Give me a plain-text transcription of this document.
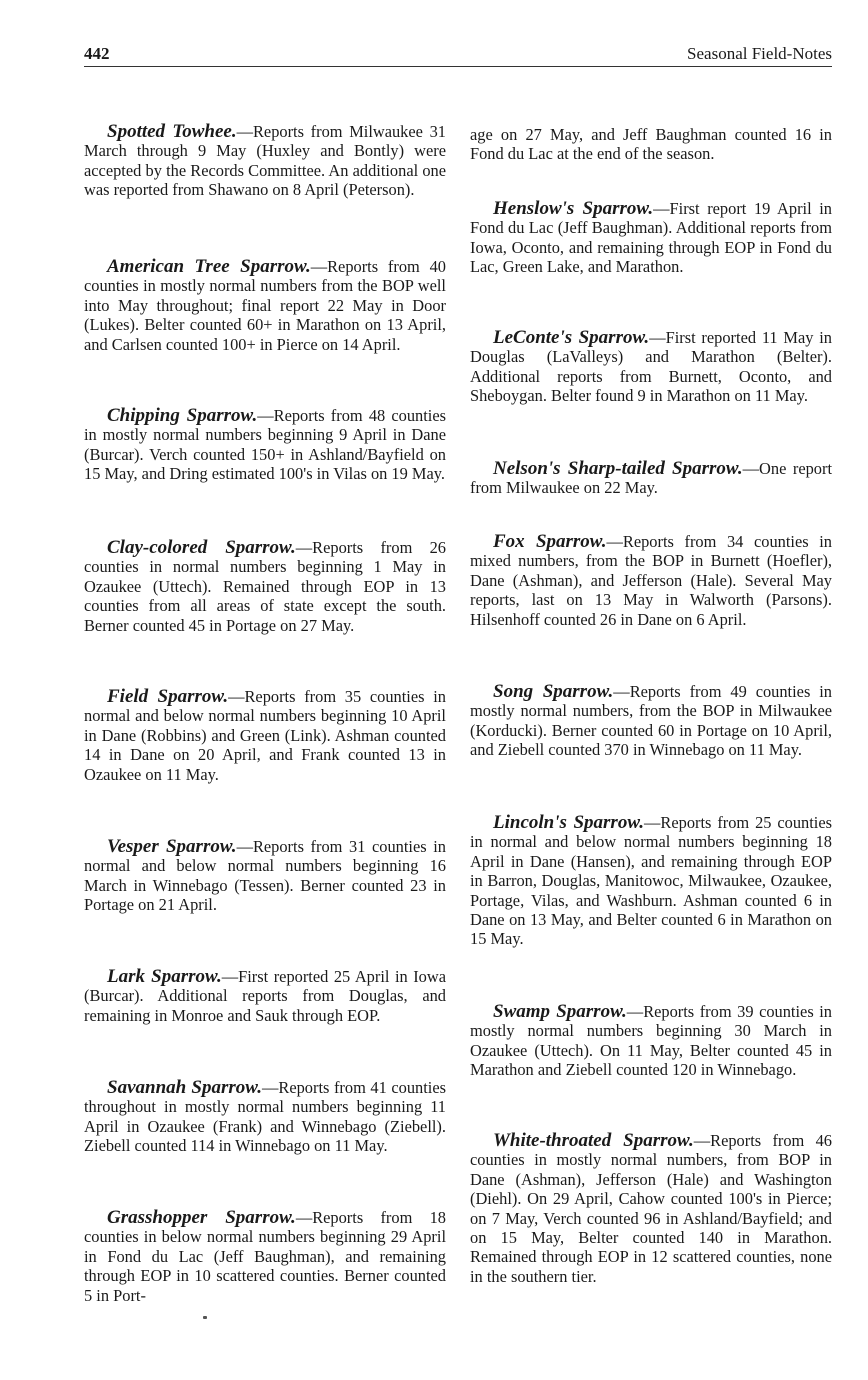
442	Seasonal Field-Notes

Spotted Towhee.—Reports from Milwaukee 31 March through 9 May (Huxley and Bontly) were accepted by the Records Committee. An additional one was reported from Shawano on 8 April (Peterson).

American Tree Sparrow.—Reports from 40 counties in mostly normal numbers from the BOP well into May throughout; final report 22 May in Door (Lukes). Belter counted 60+ in Marathon on 13 April, and Carlsen counted 100+ in Pierce on 14 April.

Chipping Sparrow.—Reports from 48 counties in mostly normal numbers beginning 9 April in Dane (Burcar). Verch counted 150+ in Ashland/Bayfield on 15 May, and Dring estimated 100's in Vilas on 19 May.

Clay-colored Sparrow.—Reports from 26 counties in normal numbers beginning 1 May in Ozaukee (Uttech). Remained through EOP in 13 counties from all areas of state except the south. Berner counted 45 in Portage on 27 May.

Field Sparrow.—Reports from 35 counties in normal and below normal numbers beginning 10 April in Dane (Robbins) and Green (Link). Ashman counted 14 in Dane on 20 April, and Frank counted 13 in Ozaukee on 11 May.

Vesper Sparrow.—Reports from 31 counties in normal and below normal numbers beginning 16 March in Winnebago (Tessen). Berner counted 23 in Portage on 21 April.

Lark Sparrow.—First reported 25 April in Iowa (Burcar). Additional reports from Douglas, and remaining in Monroe and Sauk through EOP.

Savannah Sparrow.—Reports from 41 counties throughout in mostly normal numbers beginning 11 April in Ozaukee (Frank) and Winnebago (Ziebell). Ziebell counted 114 in Winnebago on 11 May.

Grasshopper Sparrow.—Reports from 18 counties in below normal numbers beginning 29 April in Fond du Lac (Jeff Baughman), and remaining through EOP in 10 scattered counties. Berner counted 5 in Port-

age on 27 May, and Jeff Baughman counted 16 in Fond du Lac at the end of the season.

Henslow's Sparrow.—First report 19 April in Fond du Lac (Jeff Baughman). Additional reports from Iowa, Oconto, and remaining through EOP in Fond du Lac, Green Lake, and Marathon.

LeConte's Sparrow.—First reported 11 May in Douglas (LaValleys) and Marathon (Belter). Additional reports from Burnett, Oconto, and Sheboygan. Belter found 9 in Marathon on 11 May.

Nelson's Sharp-tailed Sparrow.—One report from Milwaukee on 22 May.

Fox Sparrow.—Reports from 34 counties in mixed numbers, from the BOP in Burnett (Hoefler), Dane (Ashman), and Jefferson (Hale). Several May reports, last on 13 May in Walworth (Parsons). Hilsenhoff counted 26 in Dane on 6 April.

Song Sparrow.—Reports from 49 counties in mostly normal numbers, from the BOP in Milwaukee (Korducki). Berner counted 60 in Portage on 10 April, and Ziebell counted 370 in Winnebago on 11 May.

Lincoln's Sparrow.—Reports from 25 counties in normal and below normal numbers beginning 18 April in Dane (Hansen), and remaining through EOP in Barron, Douglas, Manitowoc, Milwaukee, Ozaukee, Portage, Vilas, and Washburn. Ashman counted 6 in Dane on 13 May, and Belter counted 6 in Marathon on 15 May.

Swamp Sparrow.—Reports from 39 counties in mostly normal numbers beginning 30 March in Ozaukee (Uttech). On 11 May, Belter counted 45 in Marathon and Ziebell counted 120 in Winnebago.

White-throated Sparrow.—Reports from 46 counties in mostly normal numbers, from BOP in Dane (Ashman), Jefferson (Hale) and Washington (Diehl). On 29 April, Cahow counted 100's in Pierce; on 7 May, Verch counted 96 in Ashland/Bayfield; and on 15 May, Belter counted 140 in Marathon. Remained through EOP in 12 scattered counties, none in the southern tier.
